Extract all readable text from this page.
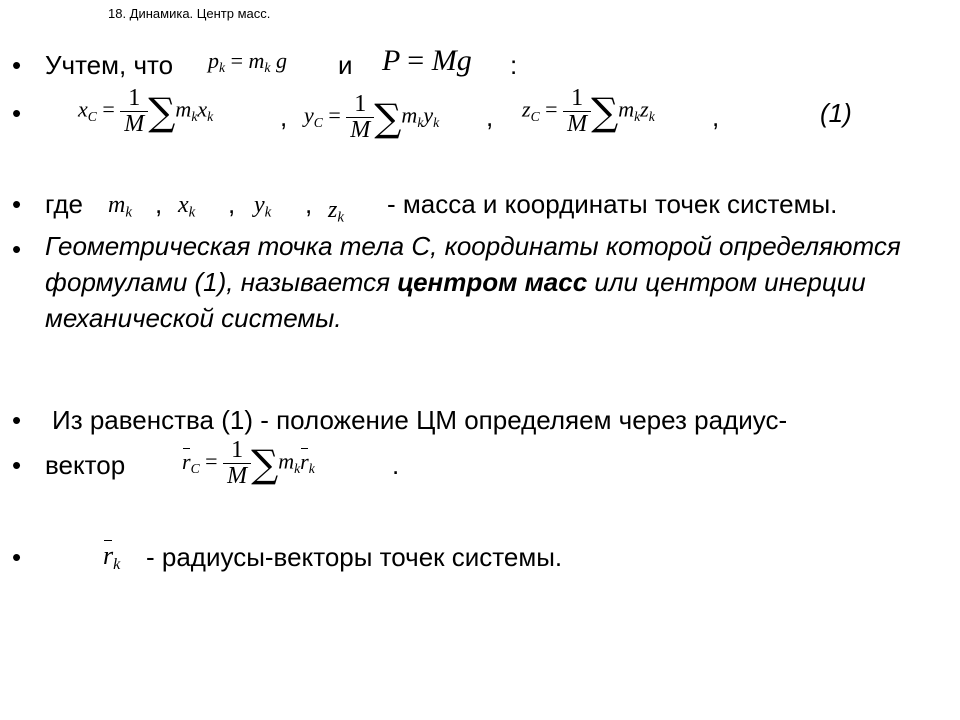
18. Динамика. Центр масс.
• Учтем, что $p_k = m_k$ g и P = Mg :
•	$x_C = \frac{1}{M} \sum m_kx_k$	, $y_C = \frac{1}{M} \sum m_ky_k$ , $z_C = \frac{1}{M} \sum m_kz_k$ ,	(1)
• где $m_k$ , $x_k$ , $y_k$ , $z_k$ - масса и координаты точек системы.
• Геометрическая точка тела С, координаты которой определяются формулами (1), называется центром масс или центром инерции механической системы.
• Из равенства (1) - положение ЦМ определяем через радиус-
• вектор	$r_C = \frac{1}{M} \sum m_kr_k$	.
•	$r_k$ - радиусы-векторы точек системы.
